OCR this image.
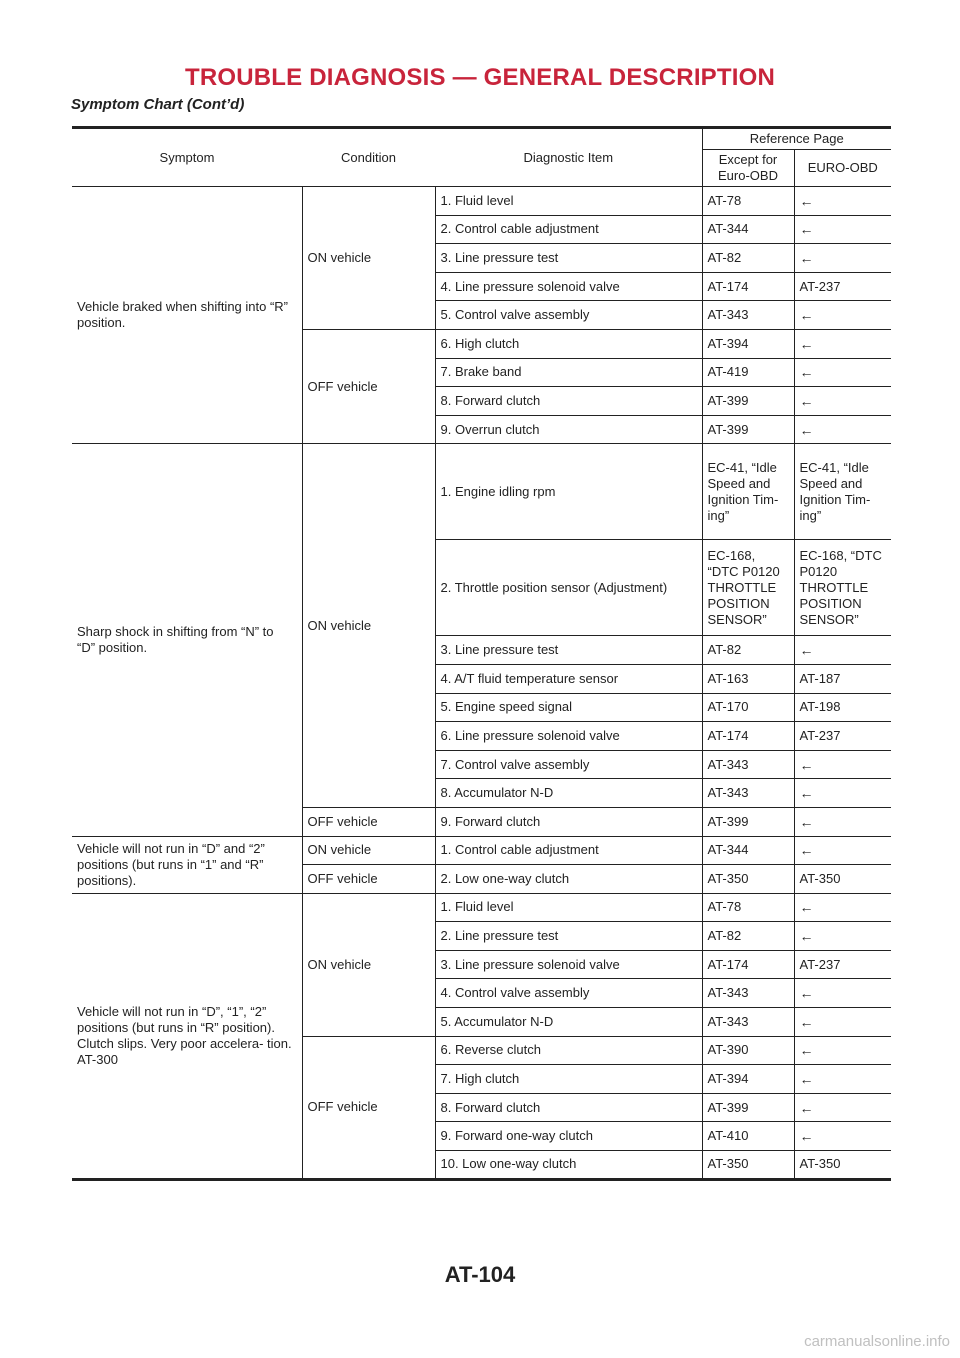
TROUBLE DIAGNOSIS — GENERAL DESCRIPTION
Symptom Chart (Cont’d)
Symptom	Condition	Diagnostic Item	Reference Page	
			Except for Euro-OBD	EURO-OBD
Vehicle braked when shifting into “R” position.	ON vehicle	1. Fluid level	AT-78	←
		2. Control cable adjustment	AT-344	←
		3. Line pressure test	AT-82	←
		4. Line pressure solenoid valve	AT-174	AT-237
		5. Control valve assembly	AT-343	←
	OFF vehicle	6. High clutch	AT-394	←
		7. Brake band	AT-419	←
		8. Forward clutch	AT-399	←
		9. Overrun clutch	AT-399	←
Sharp shock in shifting from “N” to “D” position.	ON vehicle	1. Engine idling rpm	EC-41, “Idle Speed and Ignition Tim- ing”	EC-41, “Idle Speed and Ignition Tim- ing”
		2. Throttle position sensor (Adjustment)	EC-168, “DTC P0120 THROTTLE POSITION SENSOR”	EC-168, “DTC P0120 THROTTLE POSITION SENSOR”
		3. Line pressure test	AT-82	←
		4. A/T fluid temperature sensor	AT-163	AT-187
		5. Engine speed signal	AT-170	AT-198
		6. Line pressure solenoid valve	AT-174	AT-237
		7. Control valve assembly	AT-343	←
		8. Accumulator N-D	AT-343	←
	OFF vehicle	9. Forward clutch	AT-399	←
Vehicle will not run in “D” and “2” positions (but runs in “1” and “R” positions).	ON vehicle	1. Control cable adjustment	AT-344	←
	OFF vehicle	2. Low one-way clutch	AT-350	AT-350
Vehicle will not run in “D”, “1”, “2” positions (but runs in “R” position). Clutch slips. Very poor accelera- tion. AT-300	ON vehicle	1. Fluid level	AT-78	←
		2. Line pressure test	AT-82	←
		3. Line pressure solenoid valve	AT-174	AT-237
		4. Control valve assembly	AT-343	←
		5. Accumulator N-D	AT-343	←
	OFF vehicle	6. Reverse clutch	AT-390	←
		7. High clutch	AT-394	←
		8. Forward clutch	AT-399	←
		9. Forward one-way clutch	AT-410	←
		10. Low one-way clutch	AT-350	AT-350
AT-104
carmanualsonline.info
